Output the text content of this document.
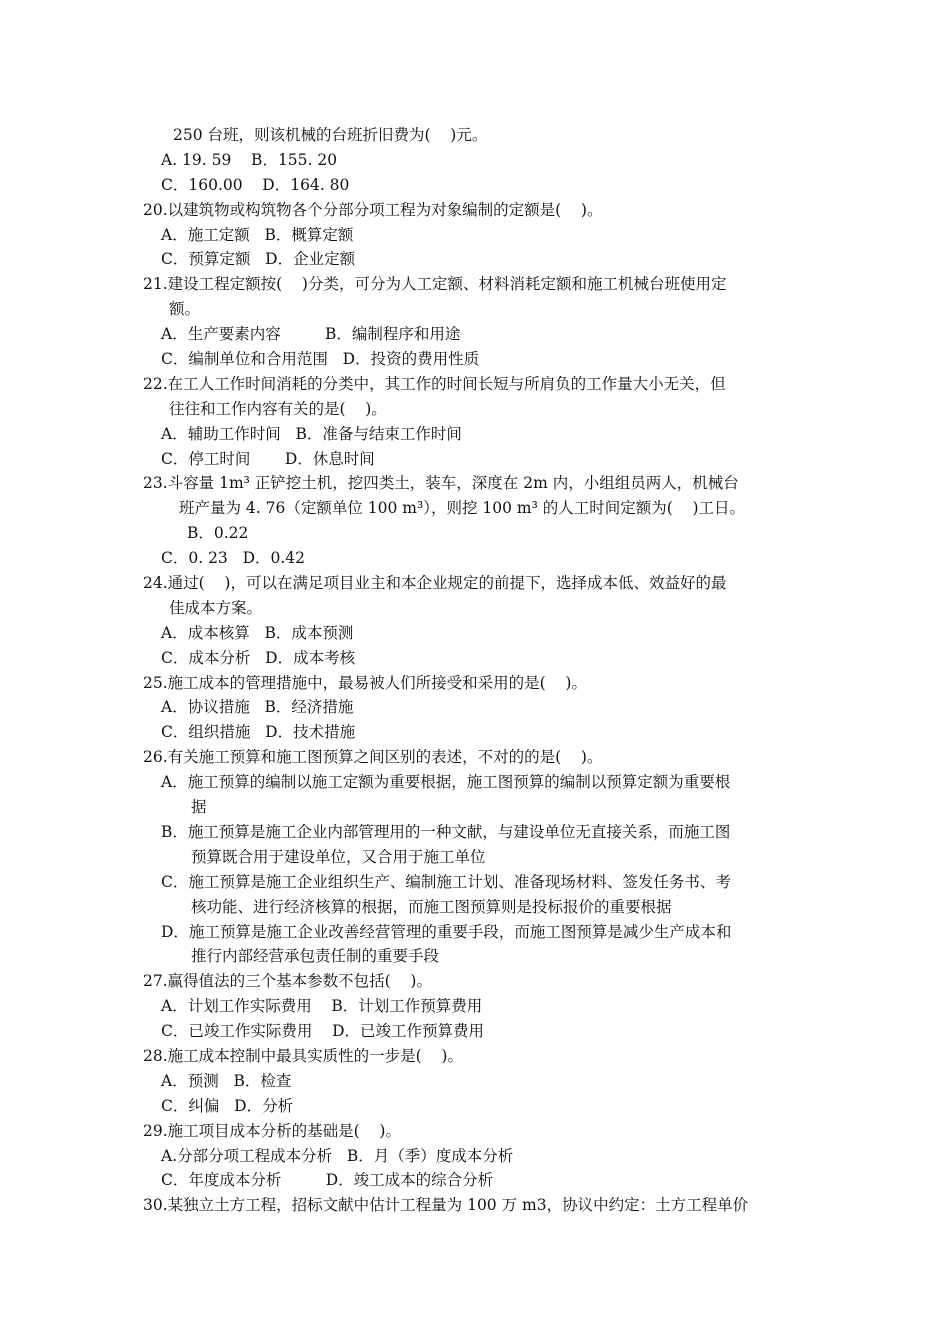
250 台班，则该机械的台班折旧费为(    )元。
A. 19. 59    B．155. 20
C．160.00    D．164. 80
20.以建筑物或构筑物各个分部分项工程为对象编制的定额是(    )。
A．施工定额   B．概算定额
C．预算定额   D．企业定额
21.建设工程定额按(    )分类，可分为人工定额、材料消耗定额和施工机械台班使用定
额。
A．生产要素内容         B．编制程序和用途
C．编制单位和合用范围   D．投资的费用性质
22.在工人工作时间消耗的分类中，其工作的时间长短与所肩负的工作量大小无关，但
往往和工作内容有关的是(    )。
A．辅助工作时间   B．准备与结束工作时间
C．停工时间       D．休息时间
23.斗容量 1m³ 正铲挖土机，挖四类土，装车，深度在 2m 内，小组组员两人，机械台
班产量为 4. 76（定额单位 100 m³），则挖 100 m³ 的人工时间定额为(    )工日。
B．0.22
C．0. 23   D．0.42
24.通过(    )，可以在满足项目业主和本企业规定的前提下，选择成本低、效益好的最
佳成本方案。
A．成本核算   B．成本预测
C．成本分析   D．成本考核
25.施工成本的管理措施中，最易被人们所接受和采用的是(    )。
A．协议措施   B．经济措施
C．组织措施   D．技术措施
26.有关施工预算和施工图预算之间区别的表述，不对的的是(    )。
A．施工预算的编制以施工定额为重要根据，施工图预算的编制以预算定额为重要根
据
B．施工预算是施工企业内部管理用的一种文献，与建设单位无直接关系，而施工图
预算既合用于建设单位，又合用于施工单位
C．施工预算是施工企业组织生产、编制施工计划、准备现场材料、签发任务书、考
核功能、进行经济核算的根据，而施工图预算则是投标报价的重要根据
D．施工预算是施工企业改善经营管理的重要手段，而施工图预算是减少生产成本和
推行内部经营承包责任制的重要手段
27.赢得值法的三个基本参数不包括(    )。
A．计划工作实际费用    B．计划工作预算费用
C．已竣工作实际费用    D．已竣工作预算费用
28.施工成本控制中最具实质性的一步是(    )。
A．预测   B．检查
C．纠偏   D．分析
29.施工项目成本分析的基础是(    )。
A.分部分项工程成本分析   B．月（季）度成本分析
C．年度成本分析         D．竣工成本的综合分析
30.某独立土方工程，招标文献中估计工程量为 100 万 m3，协议中约定：土方工程单价
